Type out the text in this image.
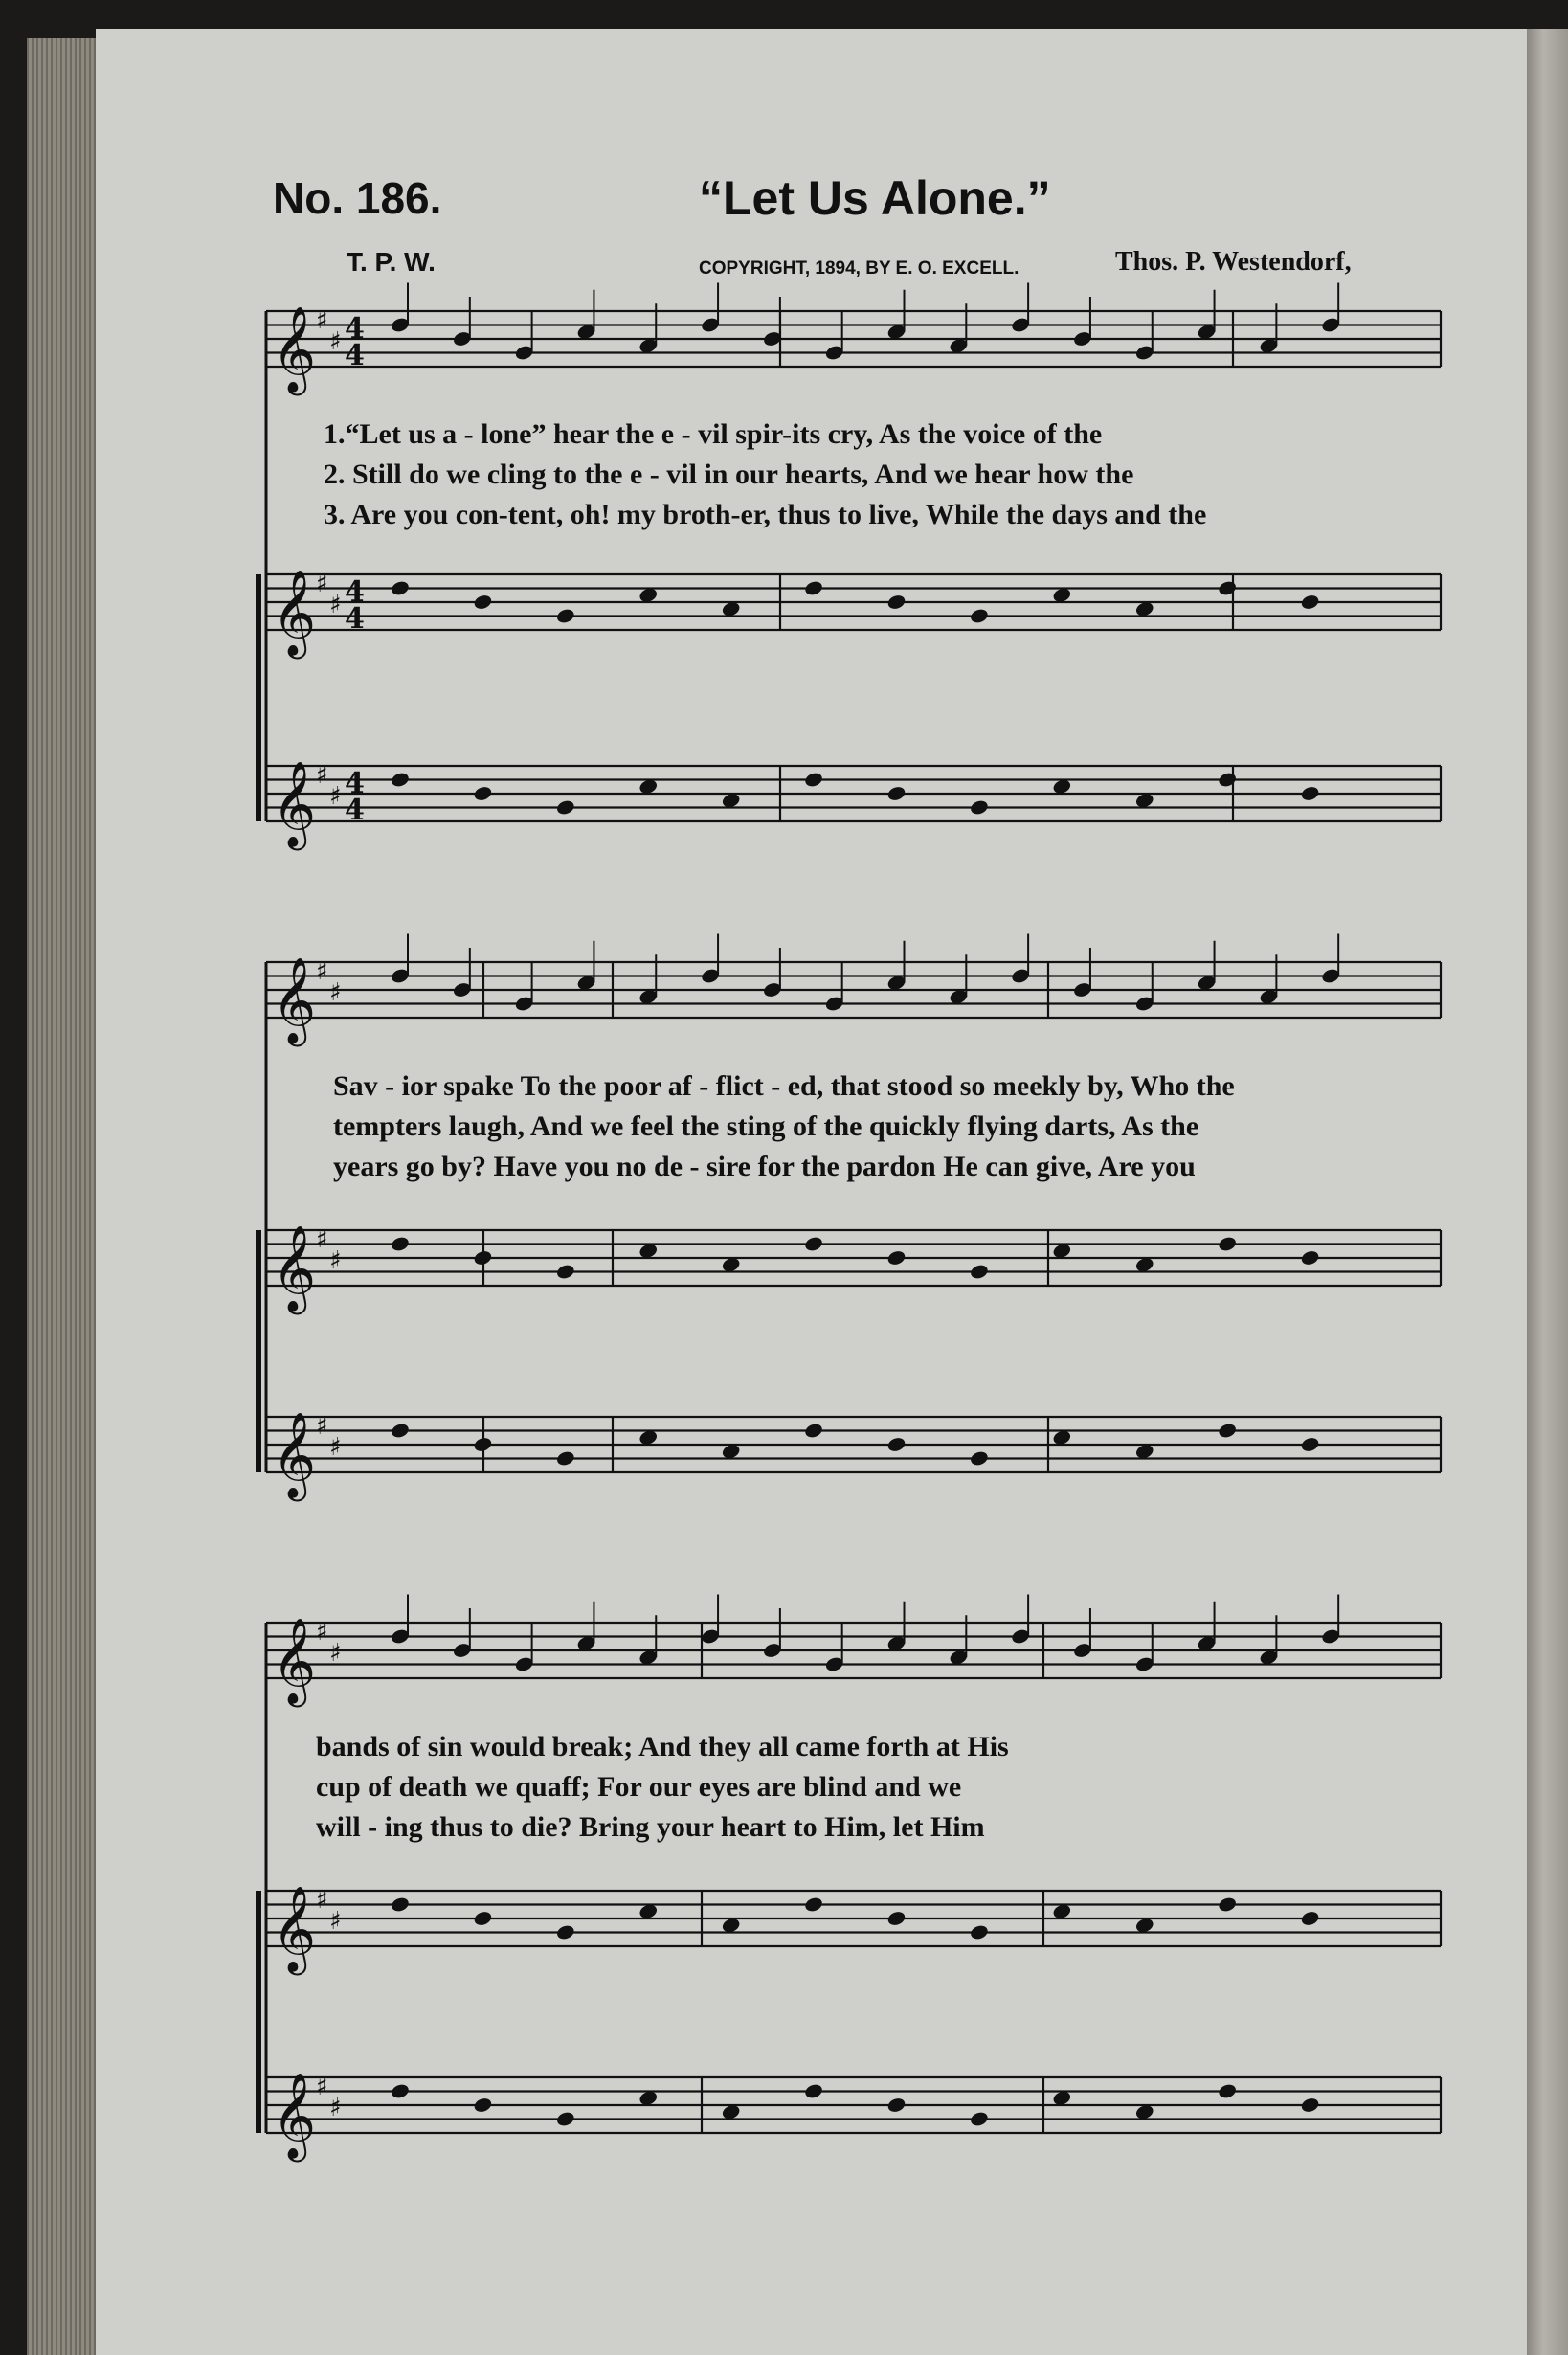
No. 186.	“Let Us Alone.”
T. P. W.	COPYRIGHT, 1894, BY E. O. EXCELL.	Thos. P. Westendorf,
𝄞 ♯
♯ 4
4
𝄞 ♯
♯ 4
4
𝄞 ♯
♯ 4
4
𝄞 ♯
♯
𝄞 ♯
♯
𝄞 ♯
♯
𝄞 ♯
♯
𝄞 ♯
♯
𝄞 ♯
♯
1.“Let us a - lone” hear the e - vil spir-its cry, As the voice of the
2. Still do we cling to the e - vil in our hearts, And we hear how the
3. Are you con-tent, oh! my broth-er, thus to live, While the days and the
Sav - ior spake To the poor af - flict - ed, that stood so meekly by, Who the
tempters laugh, And we feel the sting of the quickly flying darts, As the
years go by? Have you no de - sire for the pardon He can give, Are you
bands of sin would break; And they all came forth at His
cup of death we quaff; For our eyes are blind and we
will - ing thus to die? Bring your heart to Him, let Him
